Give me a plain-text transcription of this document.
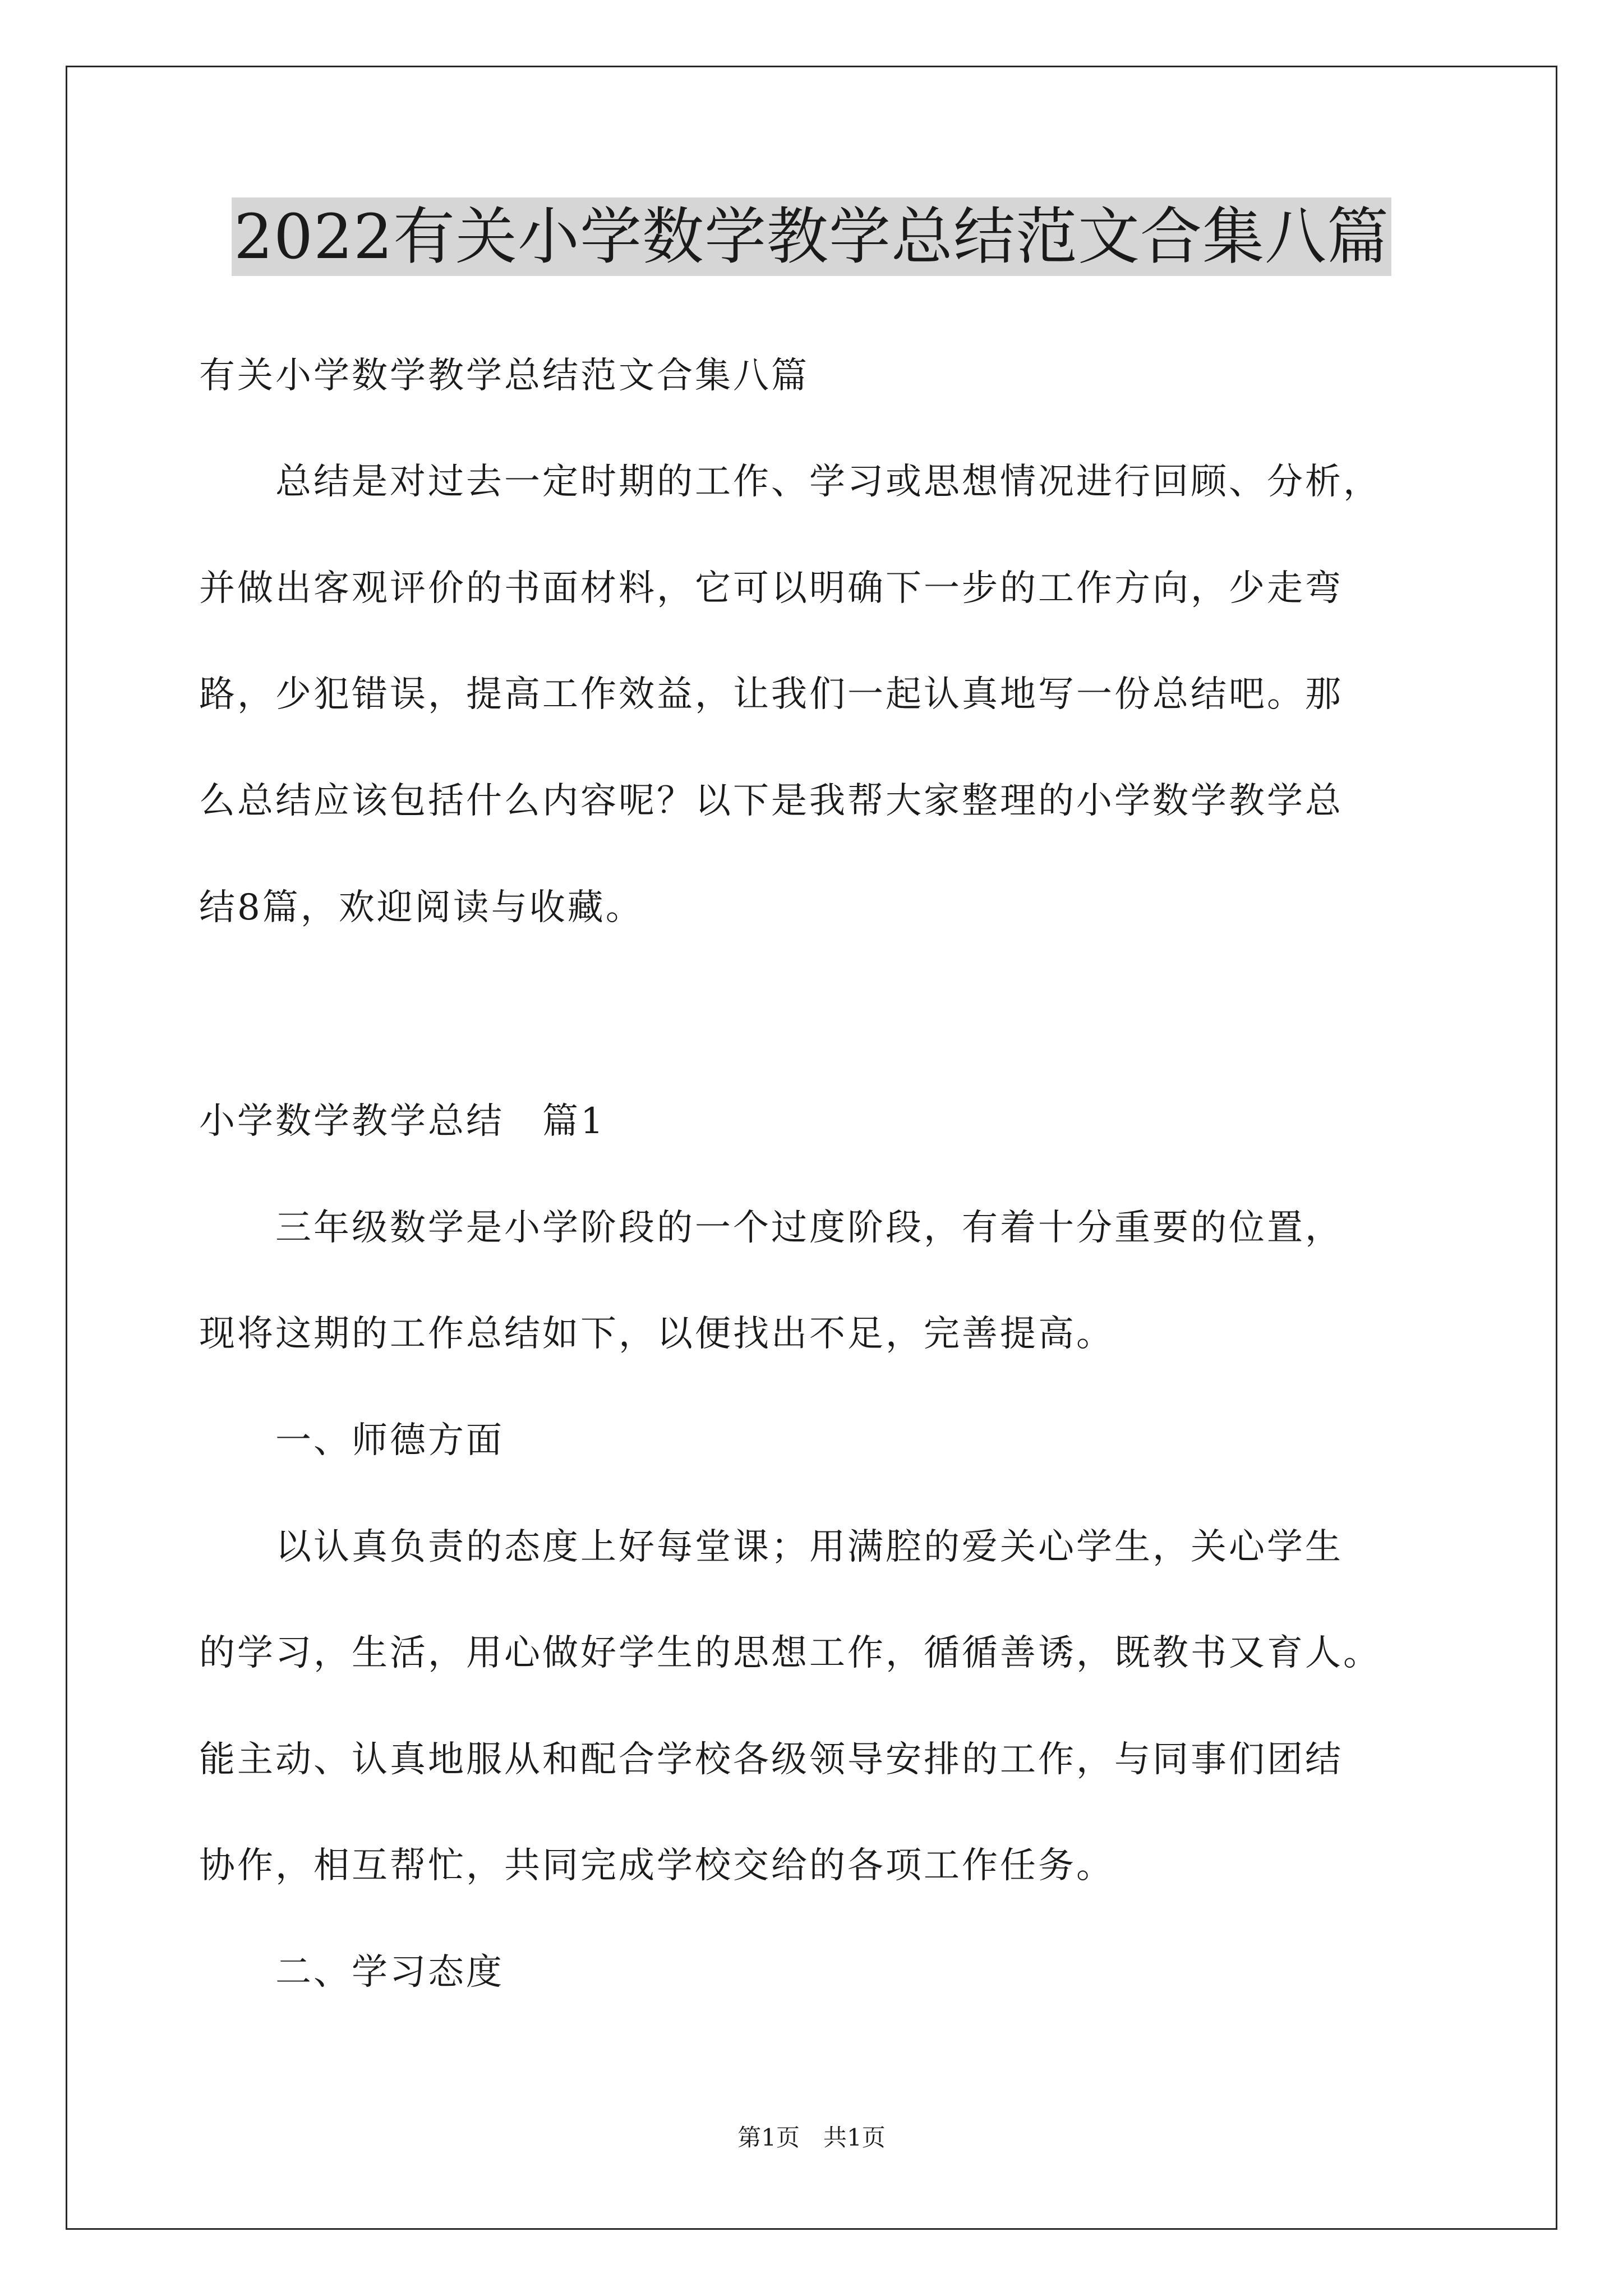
2022有关小学数学教学总结范文合集八篇
有关小学数学教学总结范文合集八篇
　　总结是对过去一定时期的工作、学习或思想情况进行回顾、分析，
并做出客观评价的书面材料，它可以明确下一步的工作方向，少走弯
路，少犯错误，提高工作效益，让我们一起认真地写一份总结吧。那
么总结应该包括什么内容呢？以下是我帮大家整理的小学数学教学总
结8篇，欢迎阅读与收藏。
小学数学教学总结　篇1
　　三年级数学是小学阶段的一个过度阶段，有着十分重要的位置，
现将这期的工作总结如下，以便找出不足，完善提高。
　　一、师德方面
　　以认真负责的态度上好每堂课；用满腔的爱关心学生，关心学生
的学习，生活，用心做好学生的思想工作，循循善诱，既教书又育人。
能主动、认真地服从和配合学校各级领导安排的工作，与同事们团结
协作，相互帮忙，共同完成学校交给的各项工作任务。
　　二、学习态度
第1页　共1页
